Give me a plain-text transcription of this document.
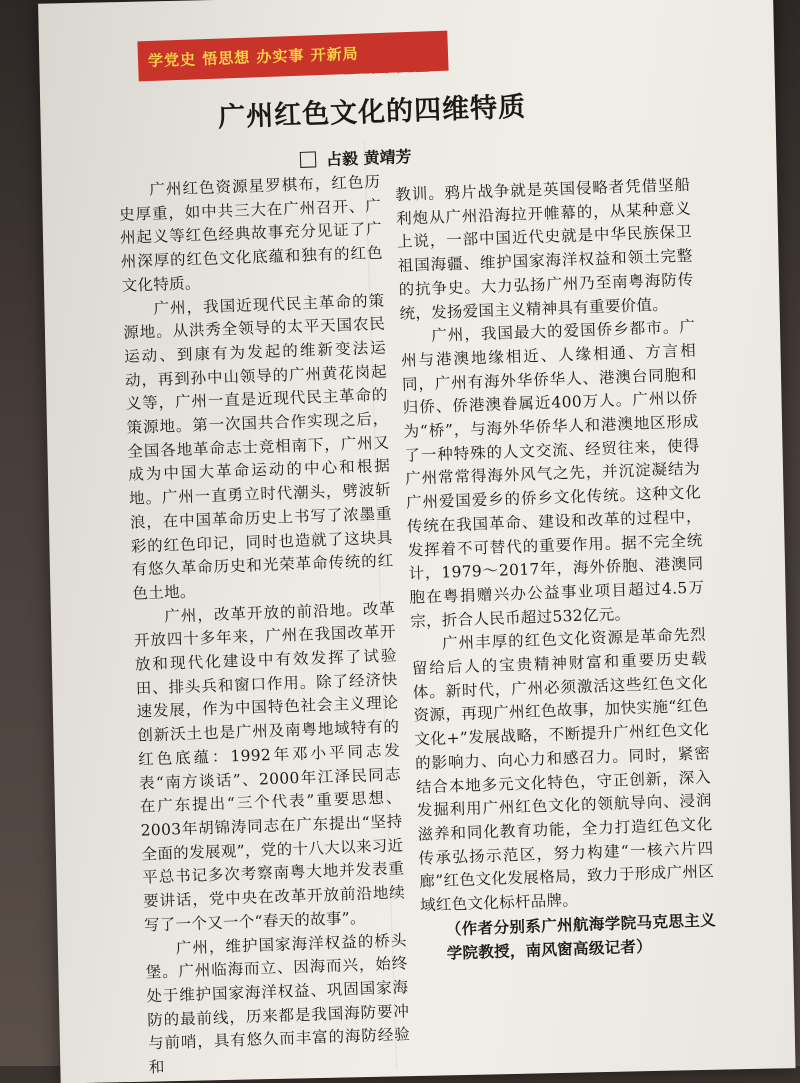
学党史 悟思想 办实事 开新局
理论征文选登
广州红色文化的四维特质
占毅 黄靖芳

广州红色资源星罗棋布，红色历史厚重，如中共三大在广州召开、广州起义等红色经典故事充分见证了广州深厚的红色文化底蕴和独有的红色文化特质。

广州，我国近现代民主革命的策源地。从洪秀全领导的太平天国农民运动、到康有为发起的维新变法运动，再到孙中山领导的广州黄花岗起义等，广州一直是近现代民主革命的策源地。第一次国共合作实现之后，全国各地革命志士竞相南下，广州又成为中国大革命运动的中心和根据地。广州一直勇立时代潮头，劈波斩浪，在中国革命历史上书写了浓墨重彩的红色印记，同时也造就了这块具有悠久革命历史和光荣革命传统的红色土地。

广州，改革开放的前沿地。改革开放四十多年来，广州在我国改革开放和现代化建设中有效发挥了试验田、排头兵和窗口作用。除了经济快速发展，作为中国特色社会主义理论创新沃土也是广州及南粤地域特有的红色底蕴：1992年邓小平同志发表“南方谈话”、2000年江泽民同志在广东提出“三个代表”重要思想、2003年胡锦涛同志在广东提出“坚持全面的发展观”，党的十八大以来习近平总书记多次考察南粤大地并发表重要讲话，党中央在改革开放前沿地续写了一个又一个“春天的故事”。

广州，维护国家海洋权益的桥头堡。广州临海而立、因海而兴，始终处于维护国家海洋权益、巩固国家海防的最前线，历来都是我国海防要冲与前哨，具有悠久而丰富的海防经验和

教训。鸦片战争就是英国侵略者凭借坚船利炮从广州沿海拉开帷幕的，从某种意义上说，一部中国近代史就是中华民族保卫祖国海疆、维护国家海洋权益和领土完整的抗争史。大力弘扬广州乃至南粤海防传统，发扬爱国主义精神具有重要价值。

广州，我国最大的爱国侨乡都市。广州与港澳地缘相近、人缘相通、方言相同，广州有海外华侨华人、港澳台同胞和归侨、侨港澳眷属近400万人。广州以侨为“桥”，与海外华侨华人和港澳地区形成了一种特殊的人文交流、经贸往来，使得广州常常得海外风气之先，并沉淀凝结为广州爱国爱乡的侨乡文化传统。这种文化传统在我国革命、建设和改革的过程中，发挥着不可替代的重要作用。据不完全统计，1979～2017年，海外侨胞、港澳同胞在粤捐赠兴办公益事业项目超过4.5万宗，折合人民币超过532亿元。

广州丰厚的红色文化资源是革命先烈留给后人的宝贵精神财富和重要历史载体。新时代，广州必须激活这些红色文化资源，再现广州红色故事，加快实施“红色文化+”发展战略，不断提升广州红色文化的影响力、向心力和感召力。同时，紧密结合本地多元文化特色，守正创新，深入发掘利用广州红色文化的领航导向、浸润滋养和同化教育功能，全力打造红色文化传承弘扬示范区，努力构建“一核六片四廊”红色文化发展格局，致力于形成广州区域红色文化标杆品牌。

（作者分别系广州航海学院马克思主义学院教授，南风窗高级记者）
